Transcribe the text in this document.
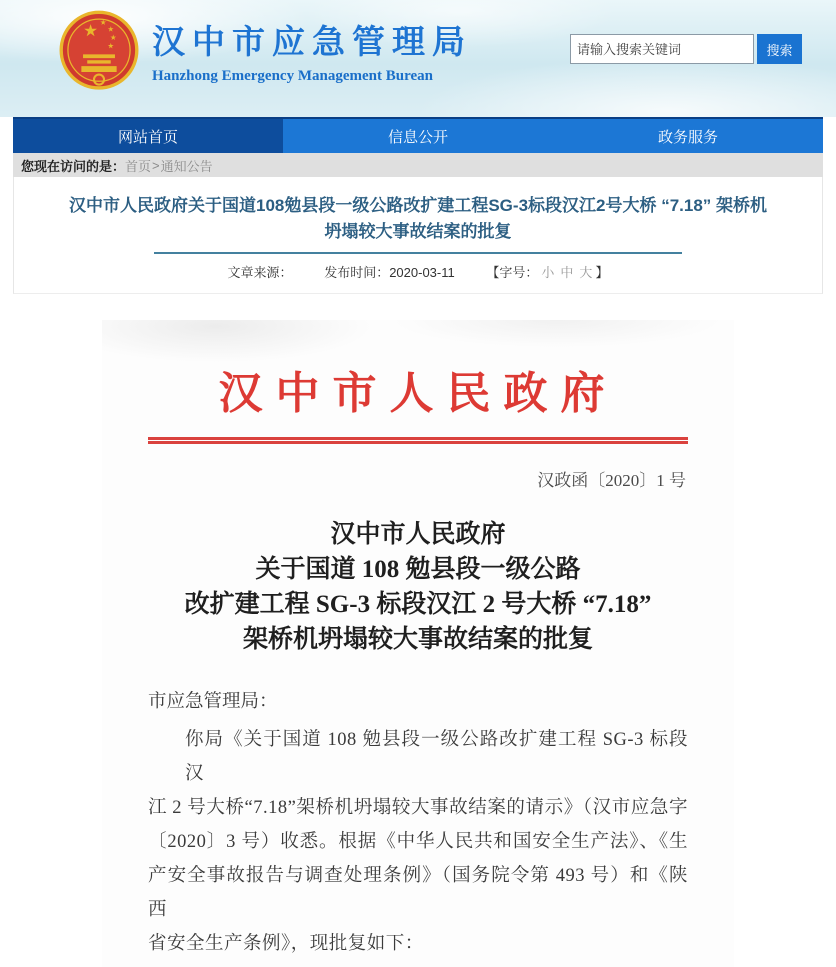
汉中市应急管理局
Hanzhong Emergency Management Burean
请输入搜索关键词
搜索
网站首页	信息公开	政务服务
您现在访问的是： 首页 > 通知公告
汉中市人民政府关于国道108勉县段一级公路改扩建工程SG-3标段汉江2号大桥 “7.18” 架桥机
坍塌较大事故结案的批复
文章来源： 发布时间：2020-03-11 【字号： 小 中 大 】
汉中市人民政府
汉政函〔2020〕1 号
汉中市人民政府
关于国道 108 勉县段一级公路
改扩建工程 SG-3 标段汉江 2 号大桥 “7.18”
架桥机坍塌较大事故结案的批复
市应急管理局：
你局《关于国道 108 勉县段一级公路改扩建工程 SG-3 标段汉
江 2 号大桥“7.18”架桥机坍塌较大事故结案的请示》（汉市应急字
〔2020〕3 号）收悉。根据《中华人民共和国安全生产法》、《生
产安全事故报告与调查处理条例》（国务院令第 493 号）和《陕西
省安全生产条例》，现批复如下：
